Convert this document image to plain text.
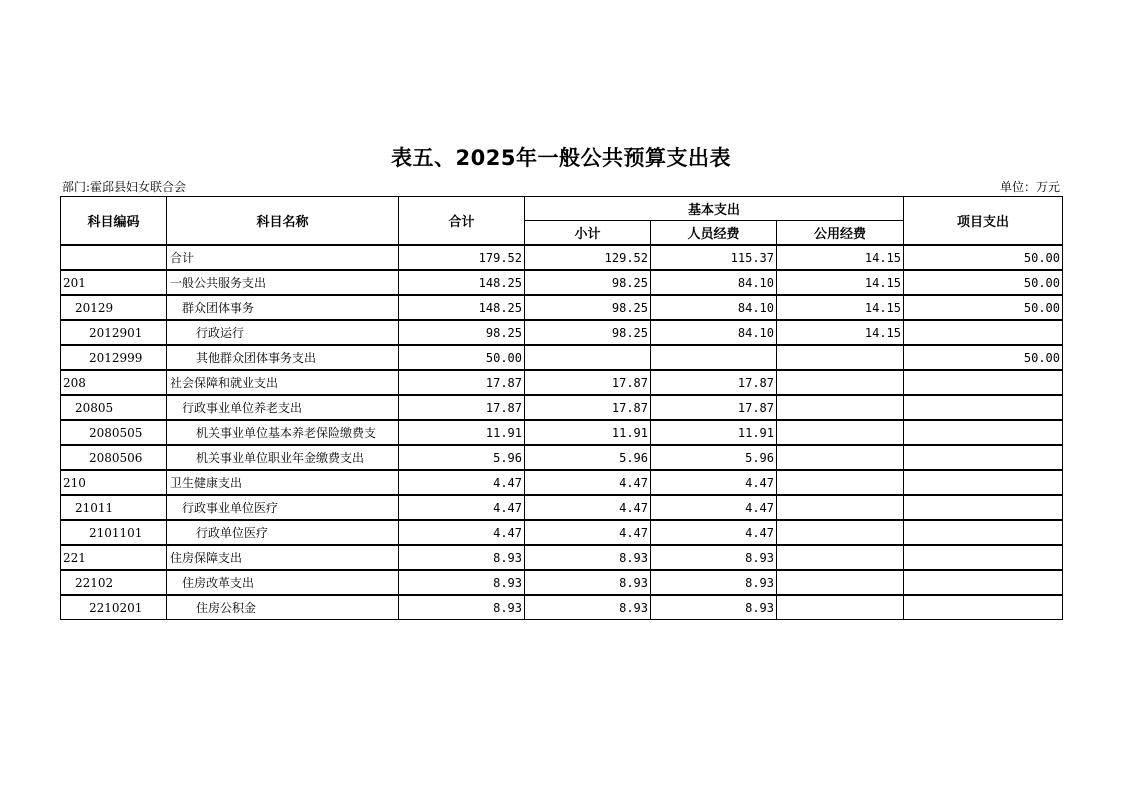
表五、2025年一般公共预算支出表
部门:霍邱县妇女联合会	单位：万元
科目编码	科目名称	合计	基本支出			项目支出
			小计	人员经费	公用经费	
	合计	179.52	129.52	115.37	14.15	50.00
201	一般公共服务支出	148.25	98.25	84.10	14.15	50.00
20129	群众团体事务	148.25	98.25	84.10	14.15	50.00
2012901	行政运行	98.25	98.25	84.10	14.15	
2012999	其他群众团体事务支出	50.00				50.00
208	社会保障和就业支出	17.87	17.87	17.87		
20805	行政事业单位养老支出	17.87	17.87	17.87		
2080505	机关事业单位基本养老保险缴费支	11.91	11.91	11.91		
2080506	机关事业单位职业年金缴费支出	5.96	5.96	5.96		
210	卫生健康支出	4.47	4.47	4.47		
21011	行政事业单位医疗	4.47	4.47	4.47		
2101101	行政单位医疗	4.47	4.47	4.47		
221	住房保障支出	8.93	8.93	8.93		
22102	住房改革支出	8.93	8.93	8.93		
2210201	住房公积金	8.93	8.93	8.93		
